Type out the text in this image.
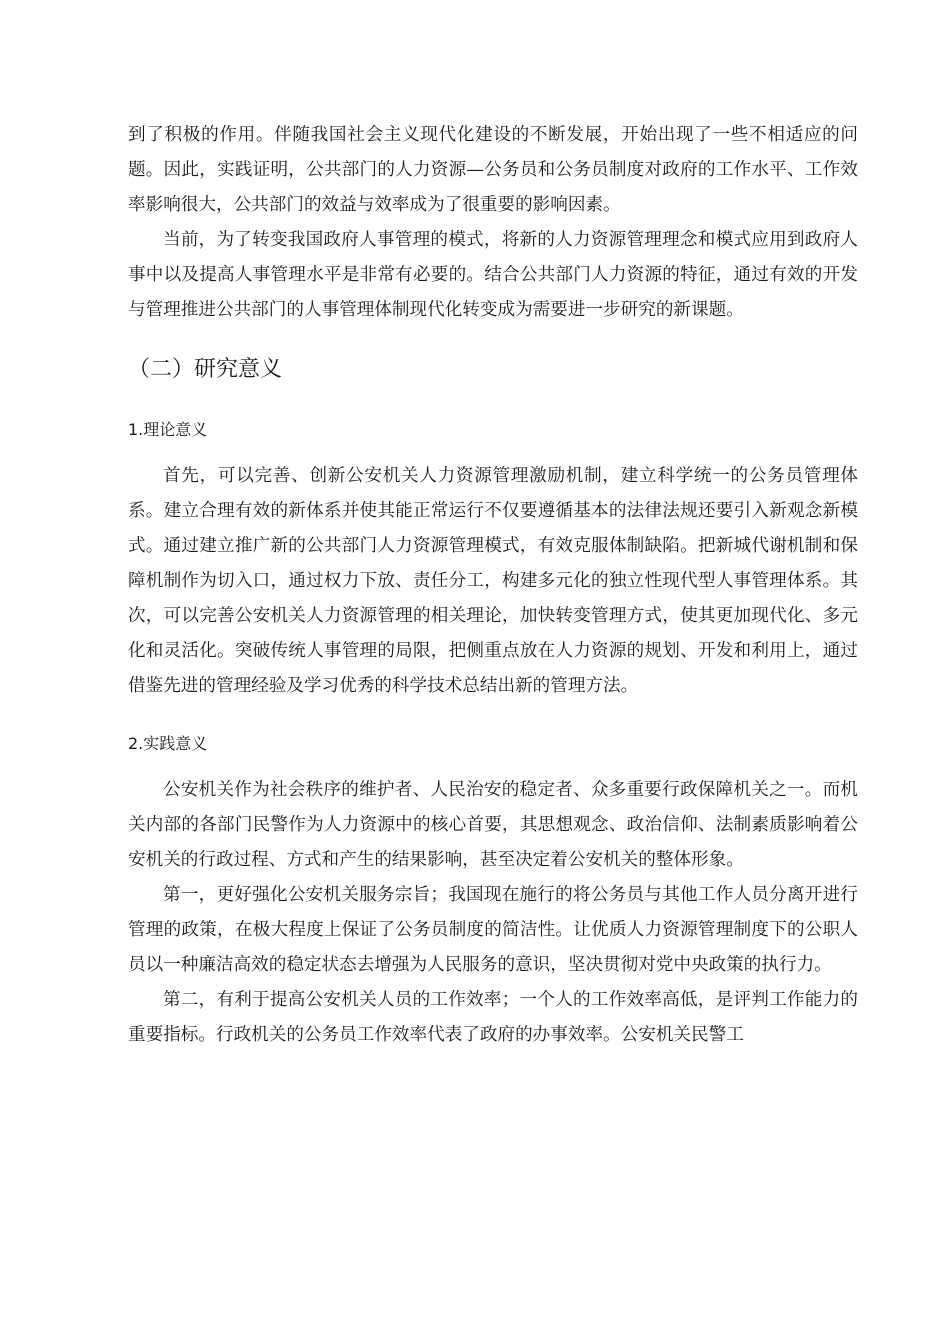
到了积极的作用。伴随我国社会主义现代化建设的不断发展，开始出现了一些不相适应的问题。因此，实践证明，公共部门的人力资源—公务员和公务员制度对政府的工作水平、工作效率影响很大，公共部门的效益与效率成为了很重要的影响因素。

当前，为了转变我国政府人事管理的模式，将新的人力资源管理理念和模式应用到政府人事中以及提高人事管理水平是非常有必要的。结合公共部门人力资源的特征，通过有效的开发与管理推进公共部门的人事管理体制现代化转变成为需要进一步研究的新课题。

（二）研究意义
1.理论意义

首先，可以完善、创新公安机关人力资源管理激励机制，建立科学统一的公务员管理体系。建立合理有效的新体系并使其能正常运行不仅要遵循基本的法律法规还要引入新观念新模式。通过建立推广新的公共部门人力资源管理模式，有效克服体制缺陷。把新城代谢机制和保障机制作为切入口，通过权力下放、责任分工，构建多元化的独立性现代型人事管理体系。其次，可以完善公安机关人力资源管理的相关理论，加快转变管理方式，使其更加现代化、多元化和灵活化。突破传统人事管理的局限，把侧重点放在人力资源的规划、开发和利用上，通过借鉴先进的管理经验及学习优秀的科学技术总结出新的管理方法。

2.实践意义

公安机关作为社会秩序的维护者、人民治安的稳定者、众多重要行政保障机关之一。而机关内部的各部门民警作为人力资源中的核心首要，其思想观念、政治信仰、法制素质影响着公安机关的行政过程、方式和产生的结果影响，甚至决定着公安机关的整体形象。

第一，更好强化公安机关服务宗旨；我国现在施行的将公务员与其他工作人员分离开进行管理的政策，在极大程度上保证了公务员制度的简洁性。让优质人力资源管理制度下的公职人员以一种廉洁高效的稳定状态去增强为人民服务的意识，坚决贯彻对党中央政策的执行力。

第二，有利于提高公安机关人员的工作效率；一个人的工作效率高低，是评判工作能力的重要指标。行政机关的公务员工作效率代表了政府的办事效率。公安机关民警工
